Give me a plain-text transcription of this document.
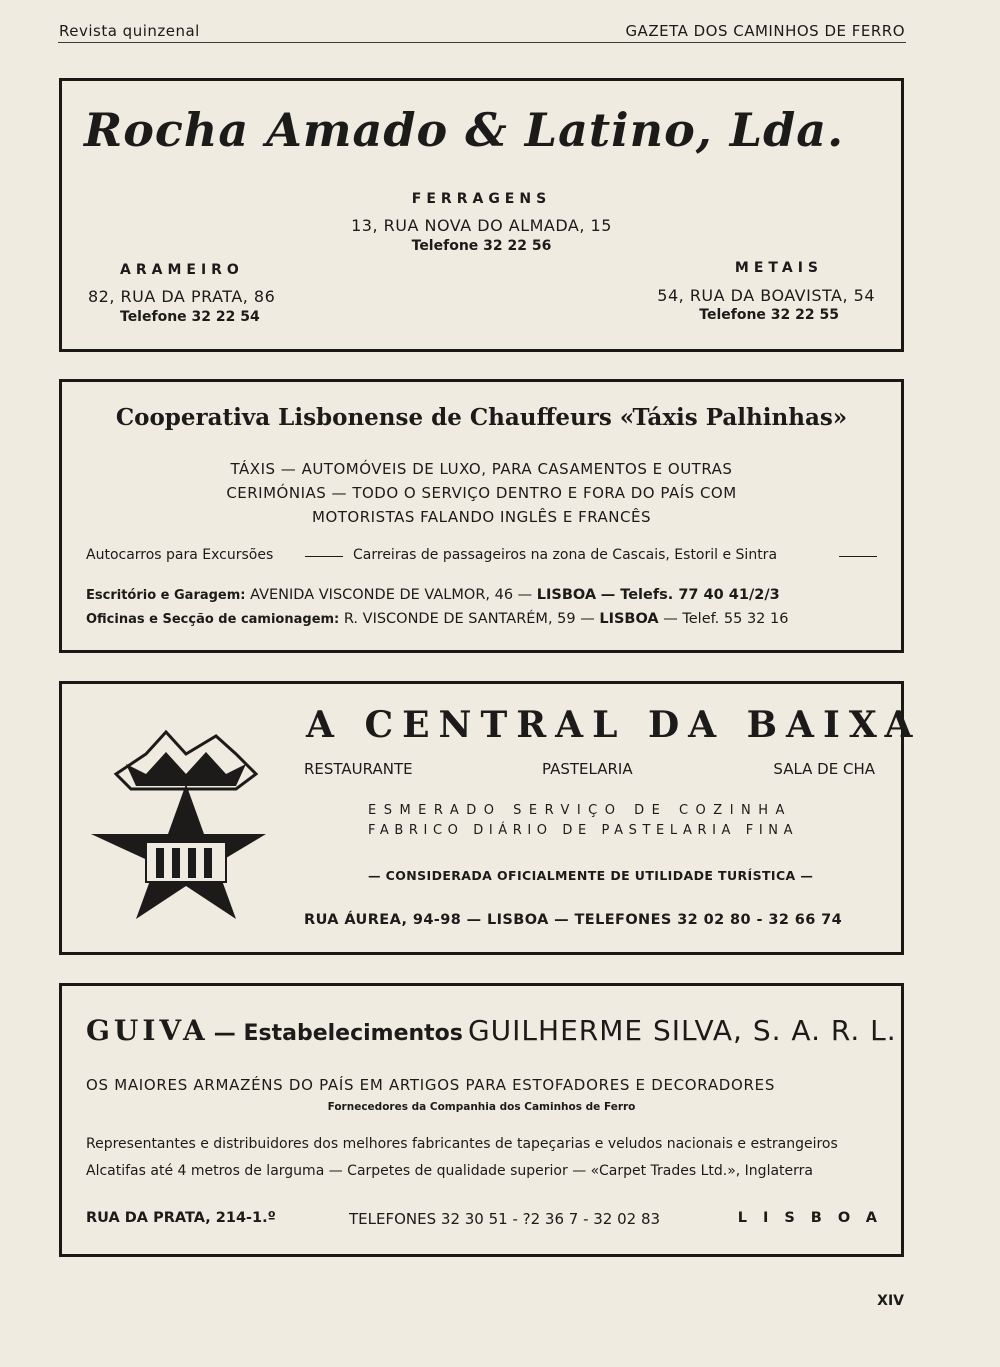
Revista quinzenal	GAZETA DOS CAMINHOS DE FERRO
Rocha Amado & Latino, Lda.
FERRAGENS
13, RUA NOVA DO ALMADA, 15
Telefone 32 22 56
ARAMEIRO
82, RUA DA PRATA, 86
Telefone 32 22 54
METAIS
54, RUA DA BOAVISTA, 54
Telefone 32 22 55
Cooperativa Lisbonense de Chauffeurs «Táxis Palhinhas»
TÁXIS — AUTOMÓVEIS DE LUXO, PARA CASAMENTOS E OUTRAS
CERIMÓNIAS — TODO O SERVIÇO DENTRO E FORA DO PAÍS COM
MOTORISTAS FALANDO INGLÊS E FRANCÊS
Autocarros para Excursões	Carreiras de passageiros na zona de Cascais, Estoril e Sintra
Escritório e Garagem: AVENIDA VISCONDE DE VALMOR, 46 — LISBOA — Telefs. 77 40 41/2/3
Oficinas e Secção de camionagem: R. VISCONDE DE SANTARÉM, 59 — LISBOA — Telef. 55 32 16
A CENTRAL DA BAIXA
RESTAURANTE	PASTELARIA	SALA DE CHA
ESMERADO SERVIÇO DE COZINHA
FABRICO DIÁRIO DE PASTELARIA FINA
— CONSIDERADA OFICIALMENTE DE UTILIDADE TURÍSTICA —
RUA ÁUREA, 94-98 — LISBOA — TELEFONES 32 02 80 - 32 66 74
GUIVA — Estabelecimentos GUILHERME SILVA, S. A. R. L.
OS MAIORES ARMAZÉNS DO PAÍS EM ARTIGOS PARA ESTOFADORES E DECORADORES
Fornecedores da Companhia dos Caminhos de Ferro
Representantes e distribuidores dos melhores fabricantes de tapeçarias e veludos nacionais e estrangeiros
Alcatifas até 4 metros de larguma — Carpetes de qualidade superior — «Carpet Trades Ltd.», Inglaterra
RUA DA PRATA, 214-1.º	TELEFONES 32 30 51 - ?2 36 7 - 32 02 83	LISBOA
XIV
